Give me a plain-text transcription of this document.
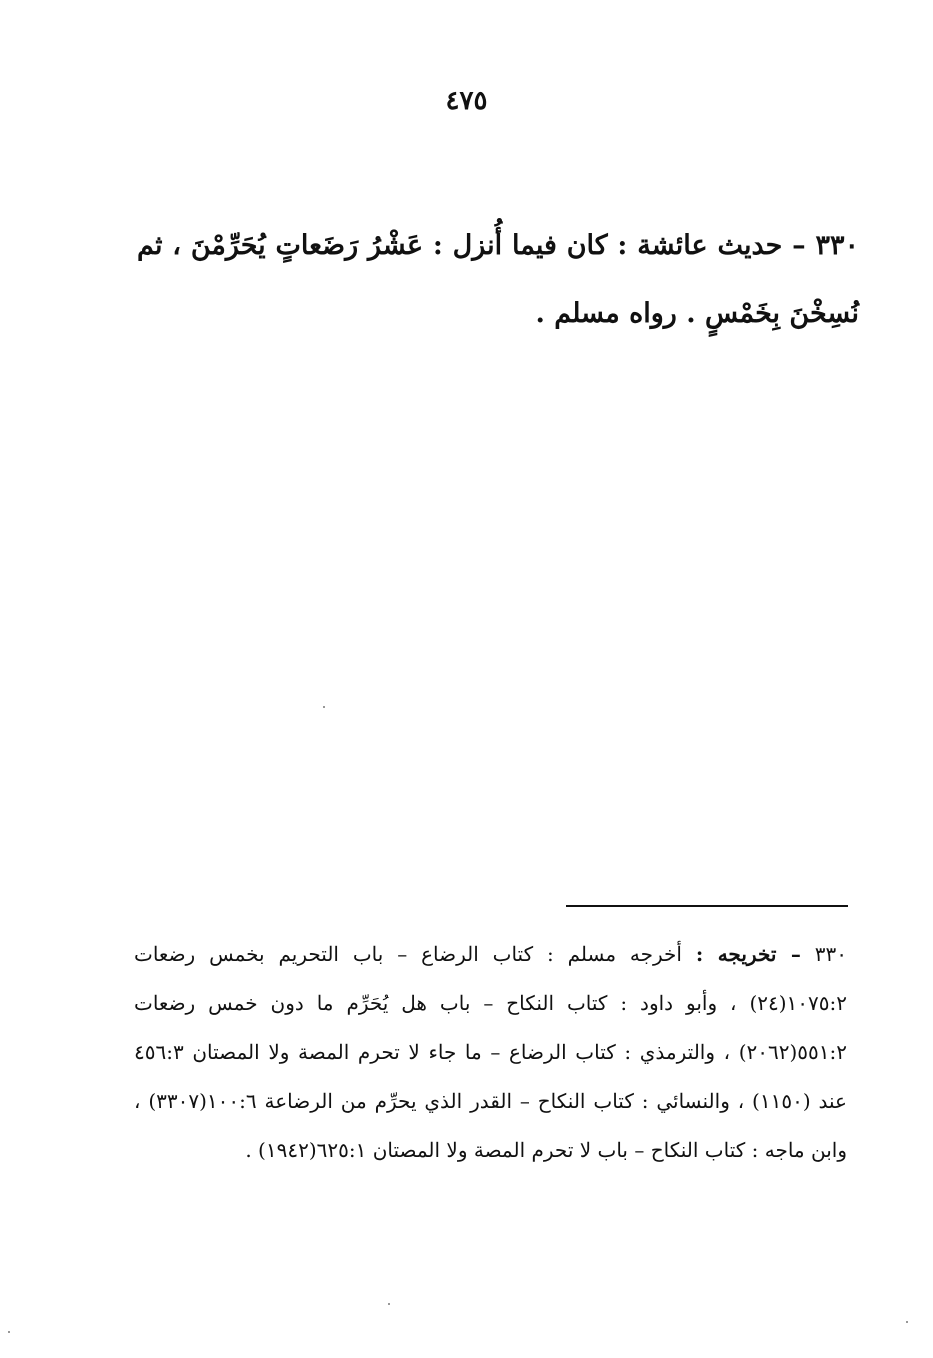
٤٧٥

٣٣٠ – حديث عائشة : كان فيما أُنزل : عَشْرُ رَضَعاتٍ يُحَرِّمْنَ ، ثم نُسِخْنَ بِخَمْسٍ . رواه مسلم .

٣٣٠ – تخريجه : أخرجه مسلم : كتاب الرضاع – باب التحريم بخمس رضعات ١٠٧٥:٢(٢٤) ، وأبو داود : كتاب النكاح – باب هل يُحَرِّم ما دون خمس رضعات ٥٥١:٢(٢٠٦٢) ، والترمذي : كتاب الرضاع – ما جاء لا تحرم المصة ولا المصتان ٤٥٦:٣ عند (١١٥٠) ، والنسائي : كتاب النكاح – القدر الذي يحرِّم من الرضاعة ١٠٠:٦(٣٣٠٧) ، وابن ماجه : كتاب النكاح – باب لا تحرم المصة ولا المصتان ٦٢٥:١(١٩٤٢) .
